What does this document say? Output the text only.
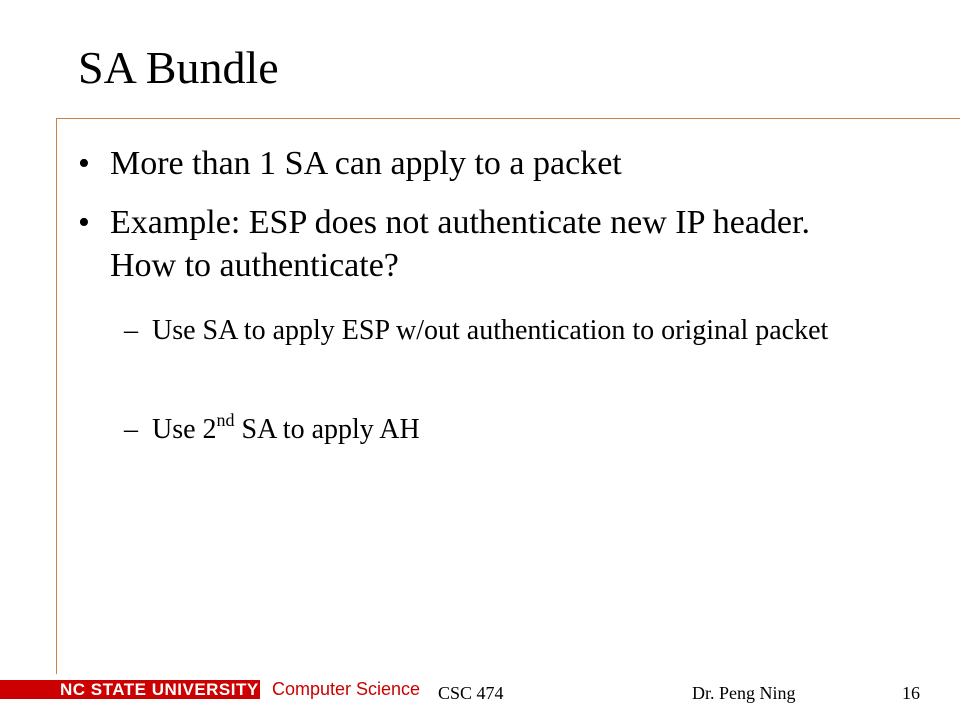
SA Bundle
• More than 1 SA can apply to a packet
• Example: ESP does not authenticate new IP header. How to authenticate?
– Use SA to apply ESP w/out authentication to original packet
– Use 2nd SA to apply AH
NC STATE UNIVERSITY Computer Science CSC 474	Dr. Peng Ning	16
